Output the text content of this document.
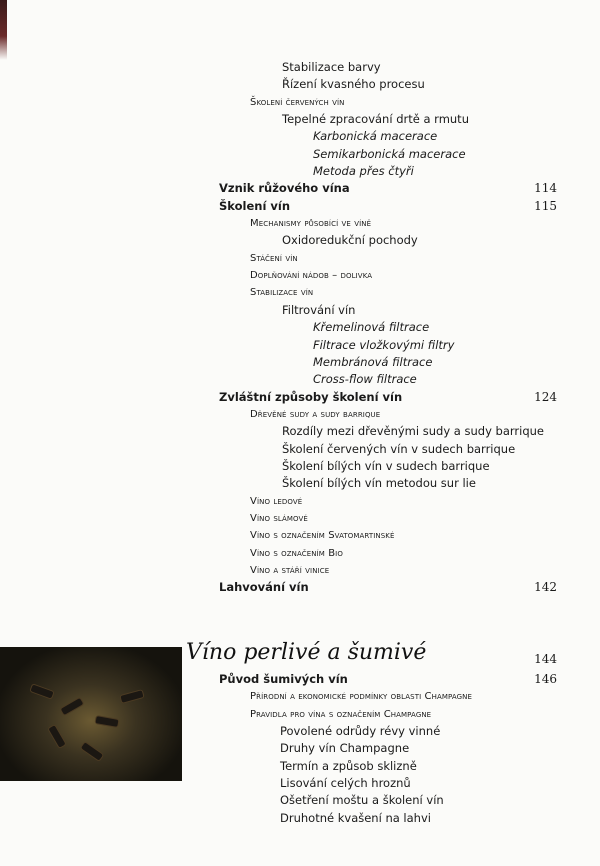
Stabilizace barvy
Řízení kvasného procesu
Školení červených vín
Tepelné zpracování drtě a rmutu
Karbonická macerace
Semikarbonická macerace
Metoda přes čtyři
Vznik růžového vína	114
Školení vín	115
Mechanismy působící ve víně
Oxidoredukční pochody
Stáčení vín
Doplňování nádob – dolivka
Stabilizace vín
Filtrování vín
Křemelinová filtrace
Filtrace vložkovými filtry
Membránová filtrace
Cross-flow filtrace
Zvláštní způsoby školení vín	124
Dřevěné sudy a sudy barrique
Rozdíly mezi dřevěnými sudy a sudy barrique
Školení červených vín v sudech barrique
Školení bílých vín v sudech barrique
Školení bílých vín metodou sur lie
Víno ledové
Víno slámové
Víno s označením Svatomartinské
Víno s označením Bio
Víno a stáří vinice
Lahvování vín	142
Víno perlivé a šumivé	144
Původ šumivých vín	146
Přírodní a ekonomické podmínky oblasti Champagne
Pravidla pro vína s označením Champagne
Povolené odrůdy révy vinné
Druhy vín Champagne
Termín a způsob sklizně
Lisování celých hroznů
Ošetření moštu a školení vín
Druhotné kvašení na lahvi
